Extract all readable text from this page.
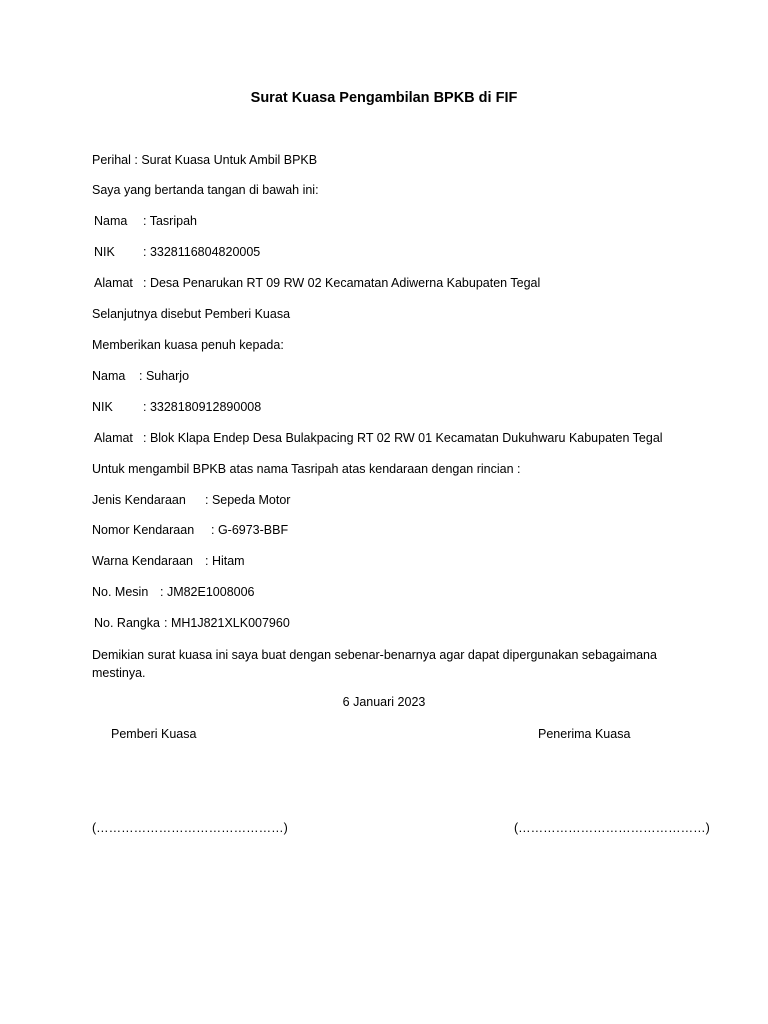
Surat Kuasa Pengambilan BPKB di FIF
Perihal : Surat Kuasa Untuk Ambil BPKB
Saya yang bertanda tangan di bawah ini:
Nama : Tasripah
NIK : 3328116804820005
Alamat : Desa Penarukan RT 09 RW 02 Kecamatan Adiwerna Kabupaten Tegal
Selanjutnya disebut Pemberi Kuasa
Memberikan kuasa penuh kepada:
Nama : Suharjo
NIK : 3328180912890008
Alamat : Blok Klapa Endep Desa Bulakpacing RT 02 RW 01 Kecamatan Dukuhwaru Kabupaten Tegal
Untuk mengambil BPKB atas nama Tasripah atas kendaraan dengan rincian :
Jenis Kendaraan : Sepeda Motor
Nomor Kendaraan : G-6973-BBF
Warna Kendaraan : Hitam
No. Mesin : JM82E1008006
No. Rangka : MH1J821XLK007960
Demikian surat kuasa ini saya buat dengan sebenar-benarnya agar dapat dipergunakan sebagaimana mestinya.
6 Januari 2023
Pemberi Kuasa	Penerima Kuasa
(………………………………………)	(………………………………………)
